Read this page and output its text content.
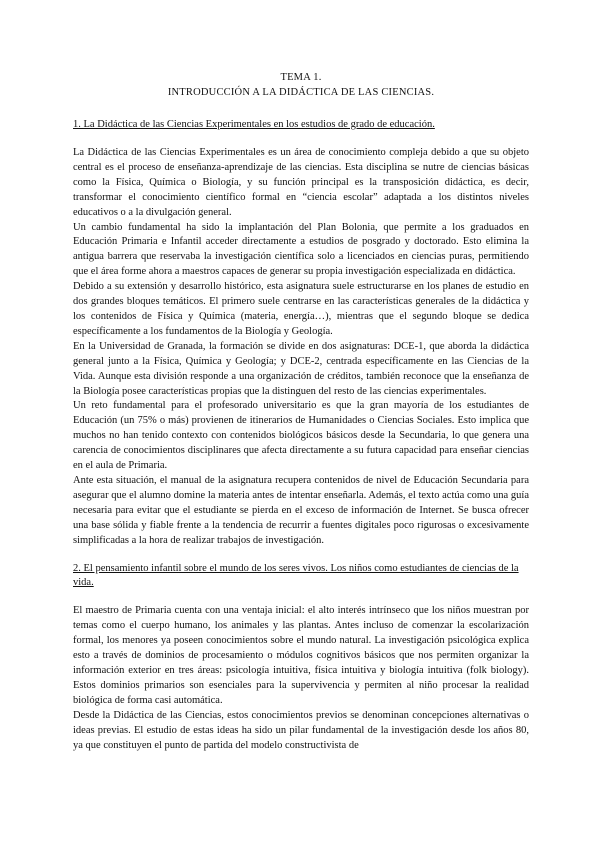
TEMA 1.
INTRODUCCIÓN A LA DIDÁCTICA DE LAS CIENCIAS.
1. La Didáctica de las Ciencias Experimentales en los estudios de grado de educación.

La Didáctica de las Ciencias Experimentales es un área de conocimiento compleja debido a que su objeto central es el proceso de enseñanza-aprendizaje de las ciencias. Esta disciplina se nutre de ciencias básicas como la Física, Química o Biología, y su función principal es la transposición didáctica, es decir, transformar el conocimiento científico formal en “ciencia escolar” adaptada a los distintos niveles educativos o a la divulgación general.

Un cambio fundamental ha sido la implantación del Plan Bolonia, que permite a los graduados en Educación Primaria e Infantil acceder directamente a estudios de posgrado y doctorado. Esto elimina la antigua barrera que reservaba la investigación científica solo a licenciados en ciencias puras, permitiendo que el área forme ahora a maestros capaces de generar su propia investigación especializada en didáctica.

Debido a su extensión y desarrollo histórico, esta asignatura suele estructurarse en los planes de estudio en dos grandes bloques temáticos. El primero suele centrarse en las características generales de la didáctica y los contenidos de Física y Química (materia, energía…), mientras que el segundo bloque se dedica específicamente a los fundamentos de la Biología y Geología.

En la Universidad de Granada, la formación se divide en dos asignaturas: DCE-1, que aborda la didáctica general junto a la Física, Química y Geología; y DCE-2, centrada específicamente en las Ciencias de la Vida. Aunque esta división responde a una organización de créditos, también reconoce que la enseñanza de la Biología posee características propias que la distinguen del resto de las ciencias experimentales.

Un reto fundamental para el profesorado universitario es que la gran mayoría de los estudiantes de Educación (un 75% o más) provienen de itinerarios de Humanidades o Ciencias Sociales. Esto implica que muchos no han tenido contexto con contenidos biológicos básicos desde la Secundaria, lo que genera una carencia de conocimientos disciplinares que afecta directamente a su futura capacidad para enseñar ciencias en el aula de Primaria.

Ante esta situación, el manual de la asignatura recupera contenidos de nivel de Educación Secundaria para asegurar que el alumno domine la materia antes de intentar enseñarla. Además, el texto actúa como una guía necesaria para evitar que el estudiante se pierda en el exceso de información de Internet. Se busca ofrecer una base sólida y fiable frente a la tendencia de recurrir a fuentes digitales poco rigurosas o excesivamente simplificadas a la hora de realizar trabajos de investigación.

2. El pensamiento infantil sobre el mundo de los seres vivos. Los niños como estudiantes de ciencias de la vida.

El maestro de Primaria cuenta con una ventaja inicial: el alto interés intrínseco que los niños muestran por temas como el cuerpo humano, los animales y las plantas. Antes incluso de comenzar la escolarización formal, los menores ya poseen conocimientos sobre el mundo natural. La investigación psicológica explica esto a través de dominios de procesamiento o módulos cognitivos básicos que nos permiten organizar la información exterior en tres áreas: psicología intuitiva, física intuitiva y biología intuitiva (folk biology). Estos dominios primarios son esenciales para la supervivencia y permiten al niño procesar la realidad biológica de forma casi automática.

Desde la Didáctica de las Ciencias, estos conocimientos previos se denominan concepciones alternativas o ideas previas. El estudio de estas ideas ha sido un pilar fundamental de la investigación desde los años 80, ya que constituyen el punto de partida del modelo constructivista de
